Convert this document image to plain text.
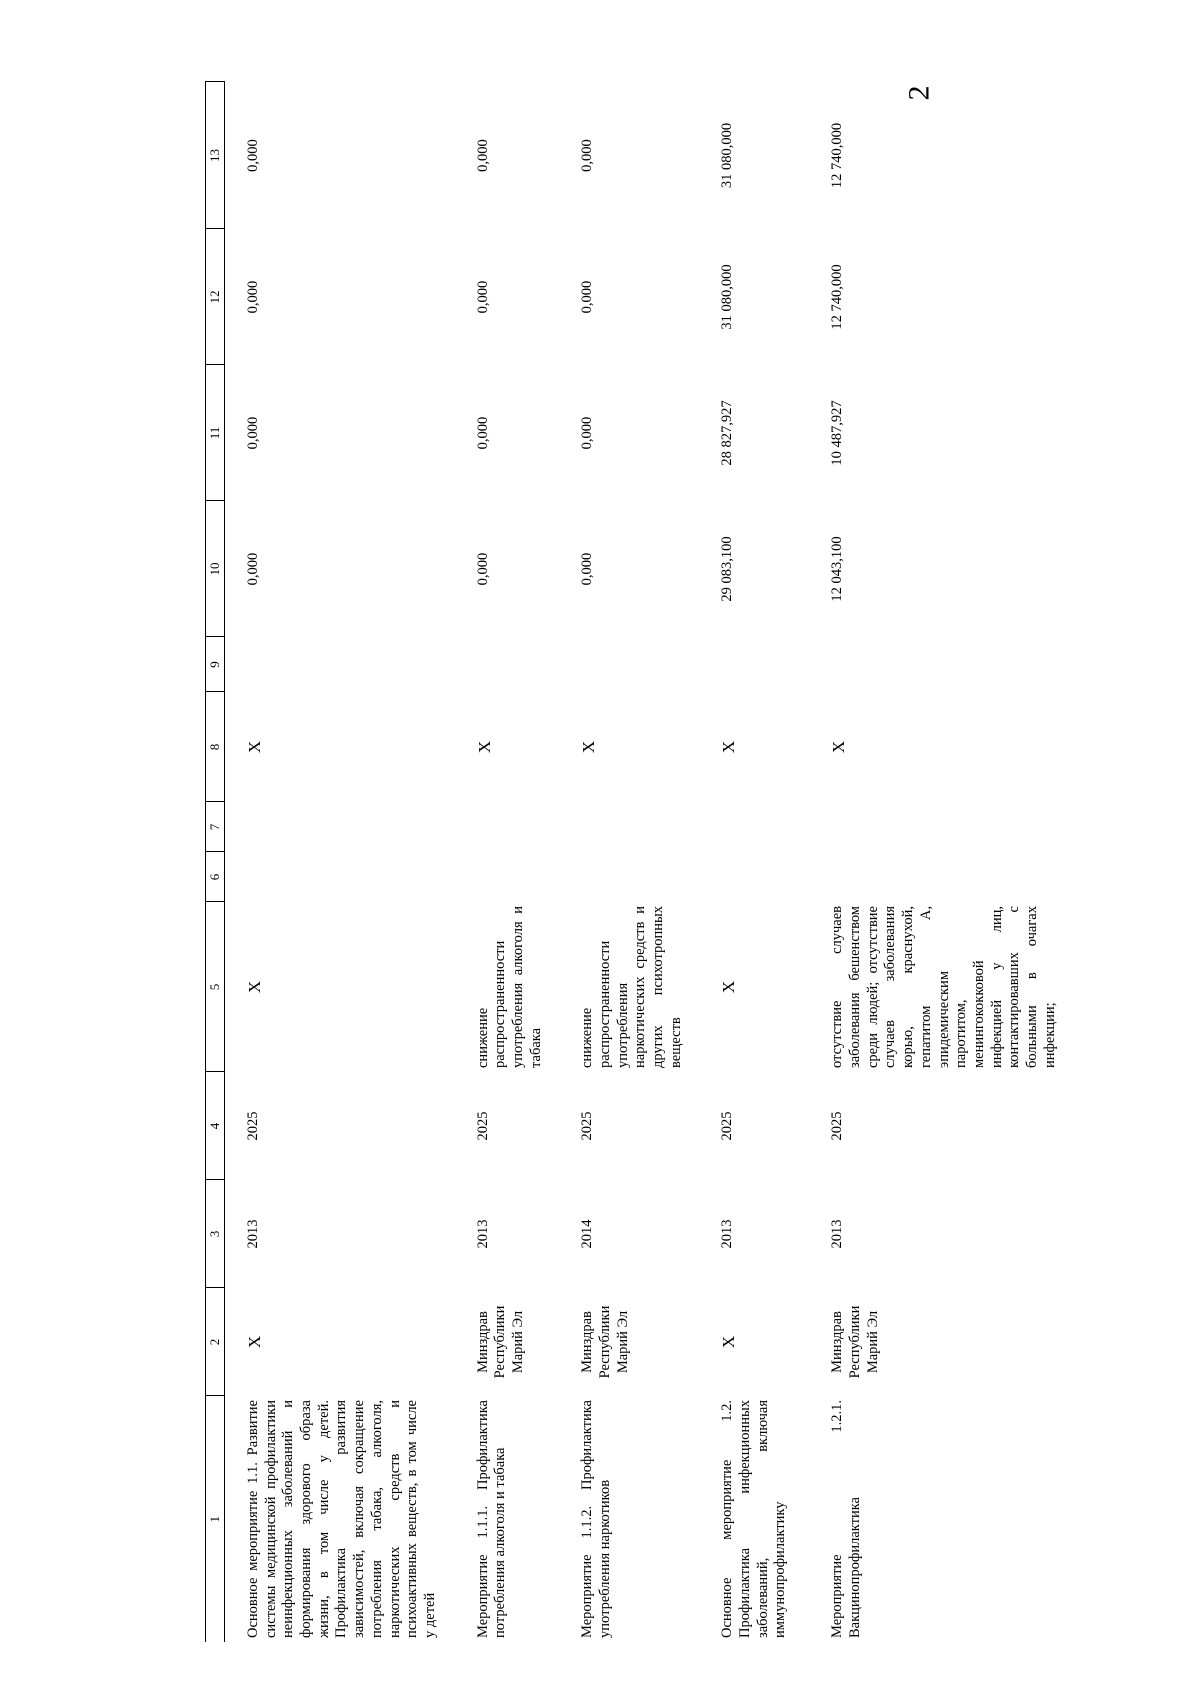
2
1	2	3	4	5	6	7	8	9	10	11	12	13
Основное мероприятие 1.1. Развитие системы медицинской профилактики неинфекционных заболеваний и формирования здорового образа жизни, в том числе у детей. Профилактика развития зависимостей, включая сокращение потребления табака, алкоголя, наркотических средств и психоактивных веществ, в том числе у детей	X	2013	2025	X			X		0,000	0,000	0,000	0,000
Мероприятие 1.1.1. Профилактика потребления алкоголя и табака	Минздрав Республики Марий Эл	2013	2025	снижение распространенности употребления алкоголя и табака			X		0,000	0,000	0,000	0,000
Мероприятие 1.1.2. Профилактика употребления наркотиков	Минздрав Республики Марий Эл	2014	2025	снижение распространенности употребления наркотических средств и других психотропных веществ			X		0,000	0,000	0,000	0,000
Основное мероприятие 1.2. Профилактика инфекционных заболеваний, включая иммунопрофилактику	X	2013	2025	X			X		29 083,100	28 827,927	31 080,000	31 080,000
Мероприятие 1.2.1. Вакцинопрофилактика	Минздрав Республики Марий Эл	2013	2025	отсутствие случаев заболевания бешенством среди людей; отсутствие случаев заболевания корью, краснухой, гепатитом А, эпидемическим паротитом, менингококковой инфекцией у лиц, контактировавших с больными в очагах инфекции;			X		12 043,100	10 487,927	12 740,000	12 740,000
